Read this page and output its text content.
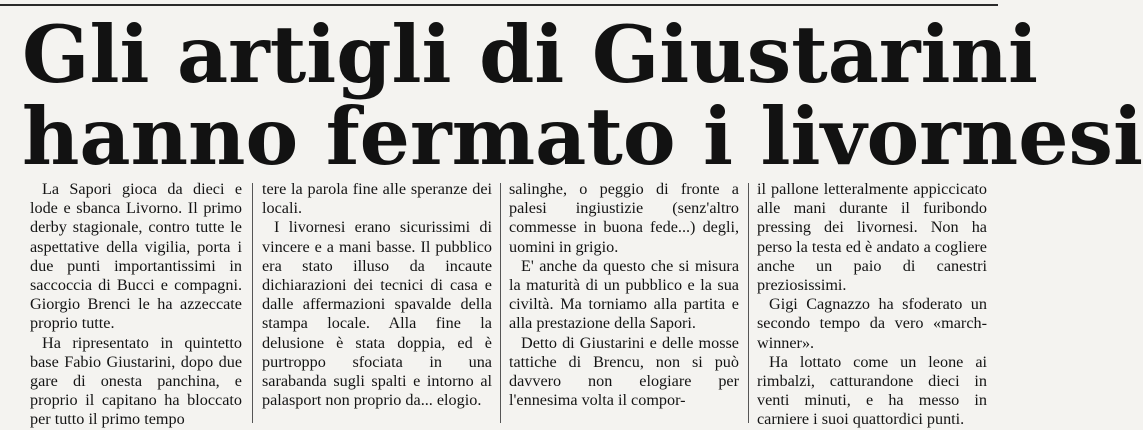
Gli artigli di Giustarini
hanno fermato i livornesi

La Sapori gioca da dieci e lode e sbanca Livorno. Il primo derby stagionale, contro tutte le aspettative della vigilia, porta i due punti importantissimi in saccoccia di Bucci e compagni. Giorgio Brenci le ha azzeccate proprio tutte.

Ha ripresentato in quintetto base Fabio Giustarini, dopo due gare di onesta panchina, e proprio il capitano ha bloccato per tutto il primo tempo

tere la parola fine alle speranze dei locali.

I livornesi erano sicurissimi di vincere e a mani basse. Il pubblico era stato illuso da incaute dichiarazioni dei tecnici di casa e dalle affermazioni spavalde della stampa locale. Alla fine la delusione è stata doppia, ed è purtroppo sfociata in una sarabanda sugli spalti e intorno al palasport non proprio da... elogio.

salinghe, o peggio di fronte a palesi ingiustizie (senz'altro commesse in buona fede...) degli, uomini in grigio.

E' anche da questo che si misura la maturità di un pubblico e la sua civiltà. Ma torniamo alla partita e alla prestazione della Sapori.

Detto di Giustarini e delle mosse tattiche di Brencu, non si può davvero non elogiare per l'ennesima volta il compor-

il pallone letteralmente appiccicato alle mani durante il furibondo pressing dei livornesi. Non ha perso la testa ed è andato a cogliere anche un paio di canestri preziosissimi.

Gigi Cagnazzo ha sfoderato un secondo tempo da vero «march-winner».

Ha lottato come un leone ai rimbalzi, catturandone dieci in venti minuti, e ha messo in carniere i suoi quattordici punti.
